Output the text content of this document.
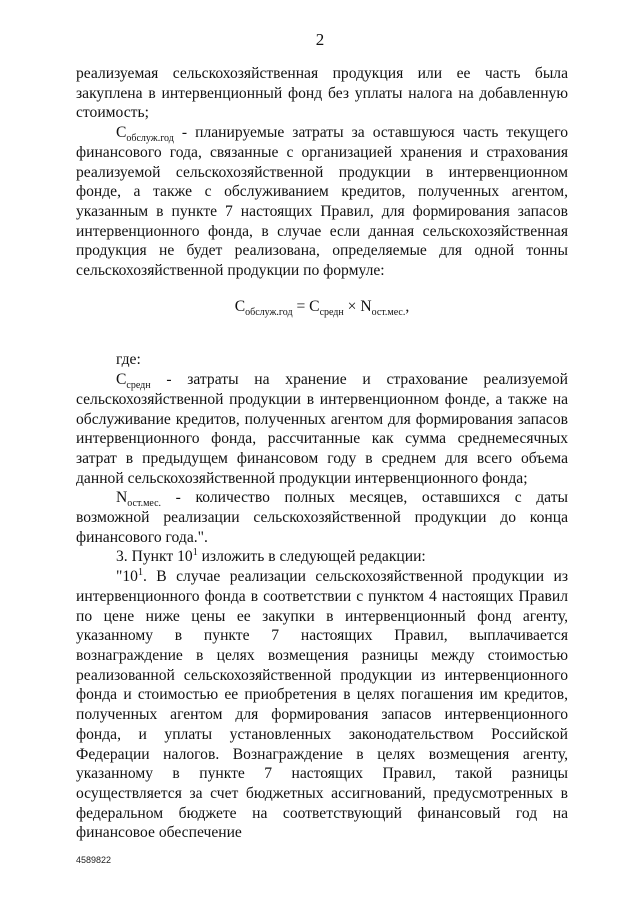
2

реализуемая сельскохозяйственная продукция или ее часть была закуплена в интервенционный фонд без уплаты налога на добавленную стоимость;

$C_{обслуж.год}$ - планируемые затраты за оставшуюся часть текущего финансового года, связанные с организацией хранения и страхования реализуемой сельскохозяйственной продукции в интервенционном фонде, а также с обслуживанием кредитов, полученных агентом, указанным в пункте 7 настоящих Правил, для формирования запасов интервенционного фонда, в случае если данная сельскохозяйственная продукция не будет реализована, определяемые для одной тонны сельскохозяйственной продукции по формуле:

$C_{обслуж.год} = C_{средн} \times N_{ост.мес.}$,

где:

$C_{средн}$ - затраты на хранение и страхование реализуемой сельскохозяйственной продукции в интервенционном фонде, а также на обслуживание кредитов, полученных агентом для формирования запасов интервенционного фонда, рассчитанные как сумма среднемесячных затрат в предыдущем финансовом году в среднем для всего объема данной сельскохозяйственной продукции интервенционного фонда;

$N_{ост.мес.}$ - количество полных месяцев, оставшихся с даты возможной реализации сельскохозяйственной продукции до конца финансового года.".

3. Пункт $10^1$ изложить в следующей редакции:

"$10^1$. В случае реализации сельскохозяйственной продукции из интервенционного фонда в соответствии с пунктом 4 настоящих Правил по цене ниже цены ее закупки в интервенционный фонд агенту, указанному в пункте 7 настоящих Правил, выплачивается вознаграждение в целях возмещения разницы между стоимостью реализованной сельскохозяйственной продукции из интервенционного фонда и стоимостью ее приобретения в целях погашения им кредитов, полученных агентом для формирования запасов интервенционного фонда, и уплаты установленных законодательством Российской Федерации налогов. Вознаграждение в целях возмещения агенту, указанному в пункте 7 настоящих Правил, такой разницы осуществляется за счет бюджетных ассигнований, предусмотренных в федеральном бюджете на соответствующий финансовый год на финансовое обеспечение

4589822
